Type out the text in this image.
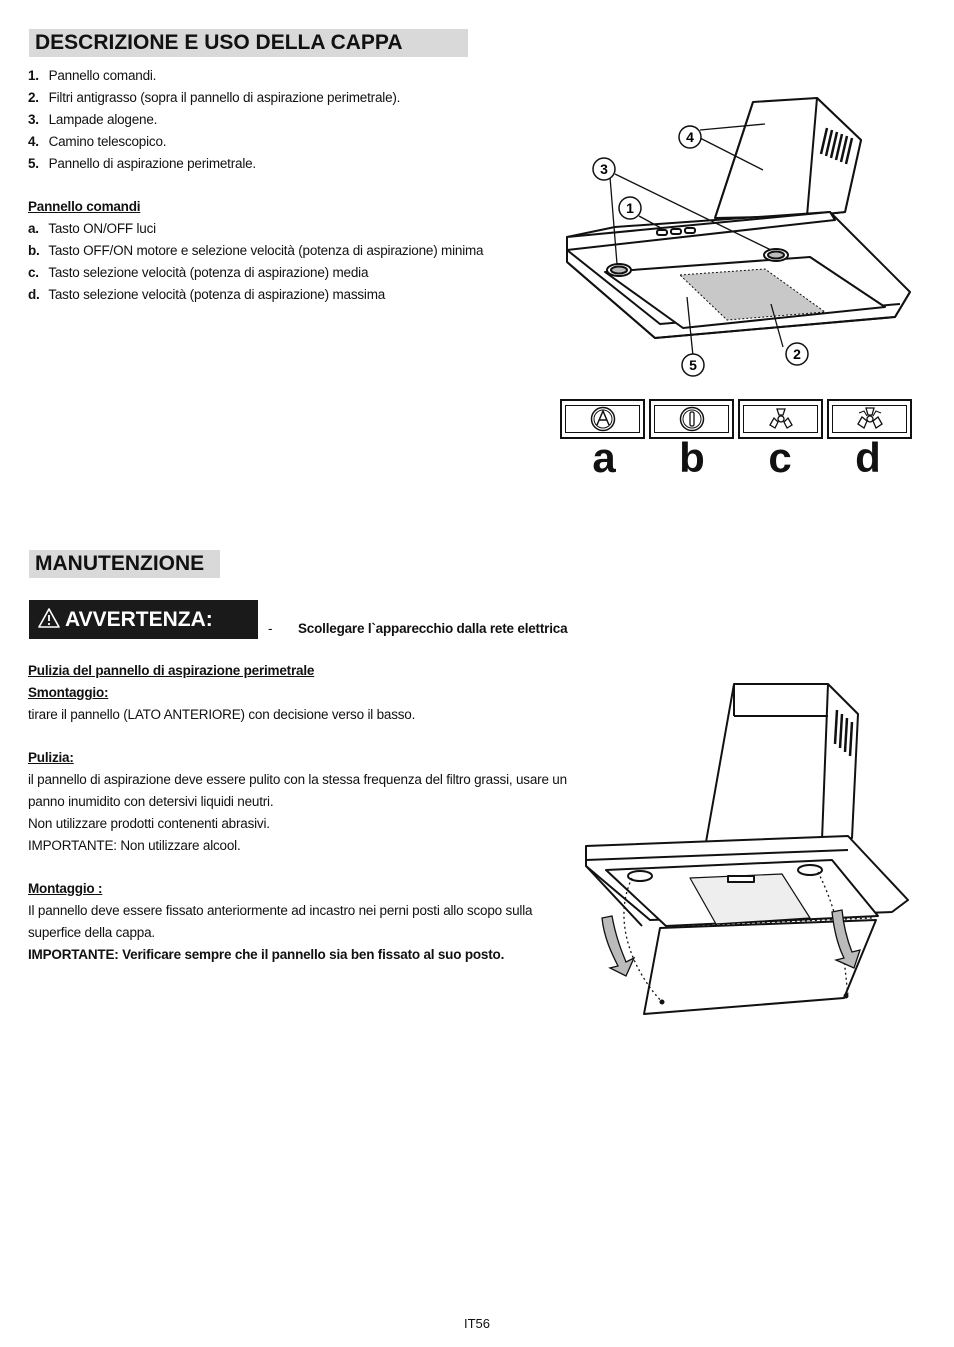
DESCRIZIONE E USO DELLA CAPPA
1. Pannello comandi.
2. Filtri antigrasso (sopra il pannello di aspirazione perimetrale).
3. Lampade alogene.
4. Camino telescopico.
5. Pannello di aspirazione perimetrale.
Pannello comandi
a. Tasto ON/OFF luci
b. Tasto OFF/ON motore e selezione velocità (potenza di aspirazione) minima
c. Tasto selezione velocità (potenza di aspirazione) media
d. Tasto selezione velocità (potenza di aspirazione) massima
4
3
1
2
5
a	b	c	d
MANUTENZIONE
AVVERTENZA:	- Scollegare l`apparecchio dalla rete elettrica
Pulizia del pannello di aspirazione perimetrale
Smontaggio:
tirare il pannello (LATO ANTERIORE) con decisione verso il basso.
Pulizia:
il pannello di aspirazione deve essere pulito con la stessa frequenza del filtro grassi, usare un
panno inumidito con detersivi liquidi neutri.
Non utilizzare prodotti contenenti abrasivi.
IMPORTANTE: Non utilizzare alcool.
Montaggio :
Il pannello deve essere fissato anteriormente ad incastro nei perni posti allo scopo sulla
superfice della cappa.
IMPORTANTE: Verificare sempre che il pannello sia ben fissato al suo posto.
IT56
